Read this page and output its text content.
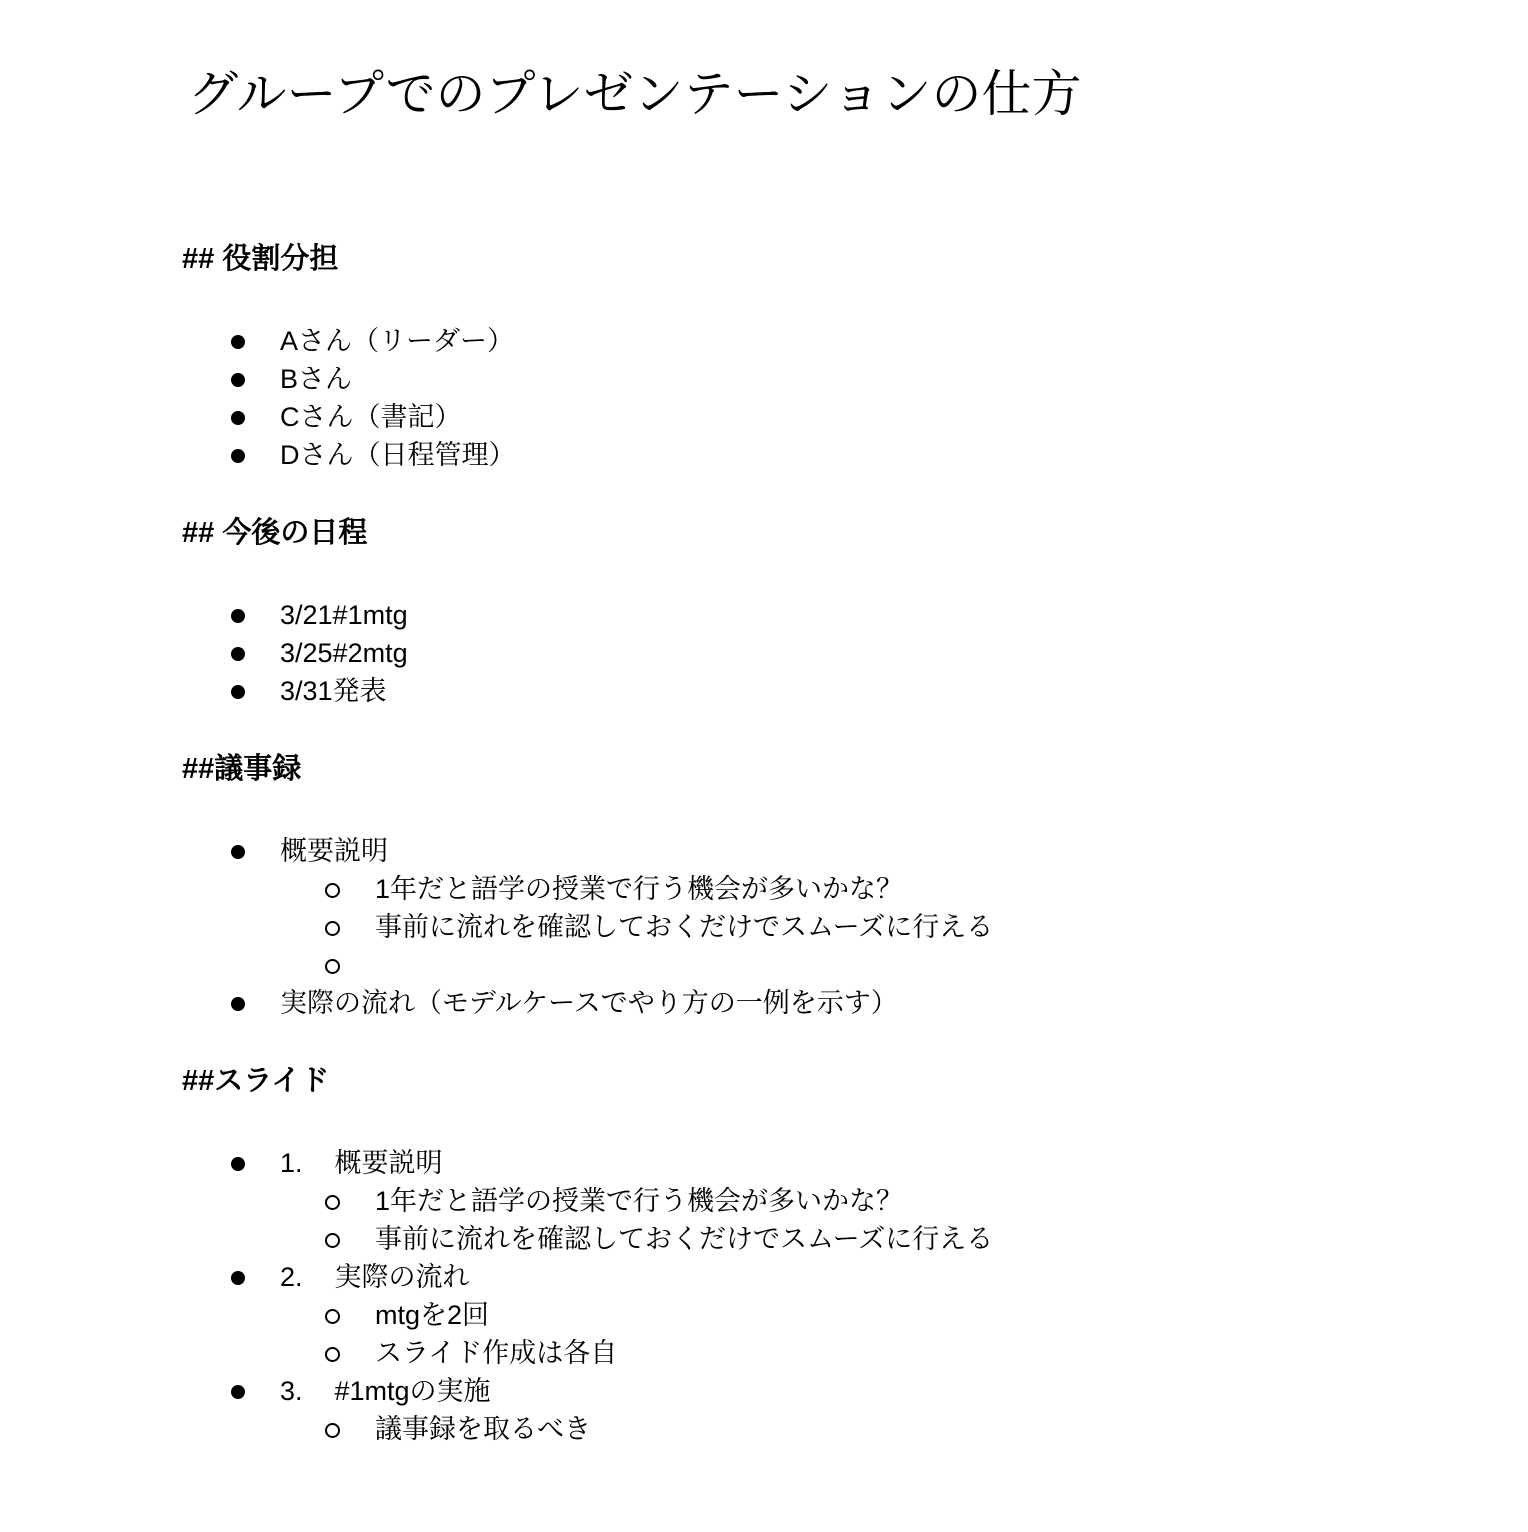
グループでのプレゼンテーションの仕方
## 役割分担
Aさん（リーダー）
Bさん
Cさん（書記）
Dさん（日程管理）
## 今後の日程
3/21#1mtg
3/25#2mtg
3/31発表
##議事録
概要説明
1年だと語学の授業で行う機会が多いかな？
事前に流れを確認しておくだけでスムーズに行える
実際の流れ（モデルケースでやり方の一例を示す）
##スライド
1. 概要説明
1年だと語学の授業で行う機会が多いかな？
事前に流れを確認しておくだけでスムーズに行える
2. 実際の流れ
mtgを2回
スライド作成は各自
3. #1mtgの実施
議事録を取るべき
